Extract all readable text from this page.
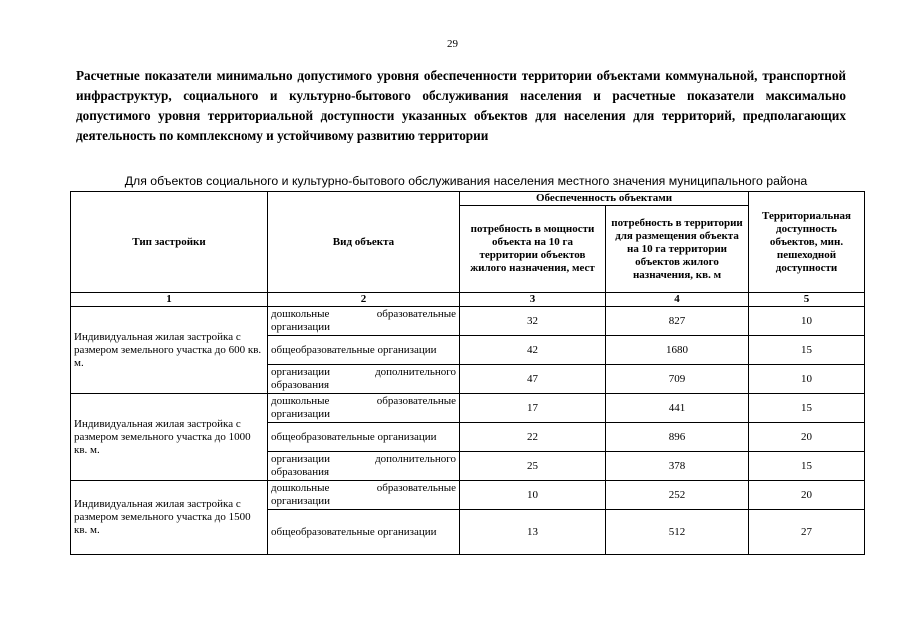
29
Расчетные показатели минимально допустимого уровня обеспеченности территории объектами коммунальной, транспортной инфраструктур, социального и культурно-бытового обслуживания населения и расчетные показатели максимально допустимого уровня территориальной доступности указанных объектов для населения для территорий, предполагающих деятельность по комплексному и устойчивому развитию территории
Для объектов социального и культурно-бытового обслуживания населения местного значения муниципального района
Тип застройки	Вид объекта	Обеспеченность объектами		Территориальная доступность объектов, мин. пешеходной доступности
		потребность в мощности объекта на 10 га территории объектов жилого назначения, мест	потребность в территории для размещения объекта на 10 га территории объектов жилого назначения, кв. м	
1	2	3	4	5
Индивидуальная жилая застройка с размером земельного участка до 600 кв. м.	дошкольные образовательные организации	32	827	10
	общеобразовательные организации	42	1680	15
	организации дополнительного образования	47	709	10
Индивидуальная жилая застройка с размером земельного участка до 1000 кв. м.	дошкольные образовательные организации	17	441	15
	общеобразовательные организации	22	896	20
	организации дополнительного образования	25	378	15
Индивидуальная жилая застройка с размером земельного участка до 1500 кв. м.	дошкольные образовательные организации	10	252	20
	общеобразовательные организации	13	512	27
